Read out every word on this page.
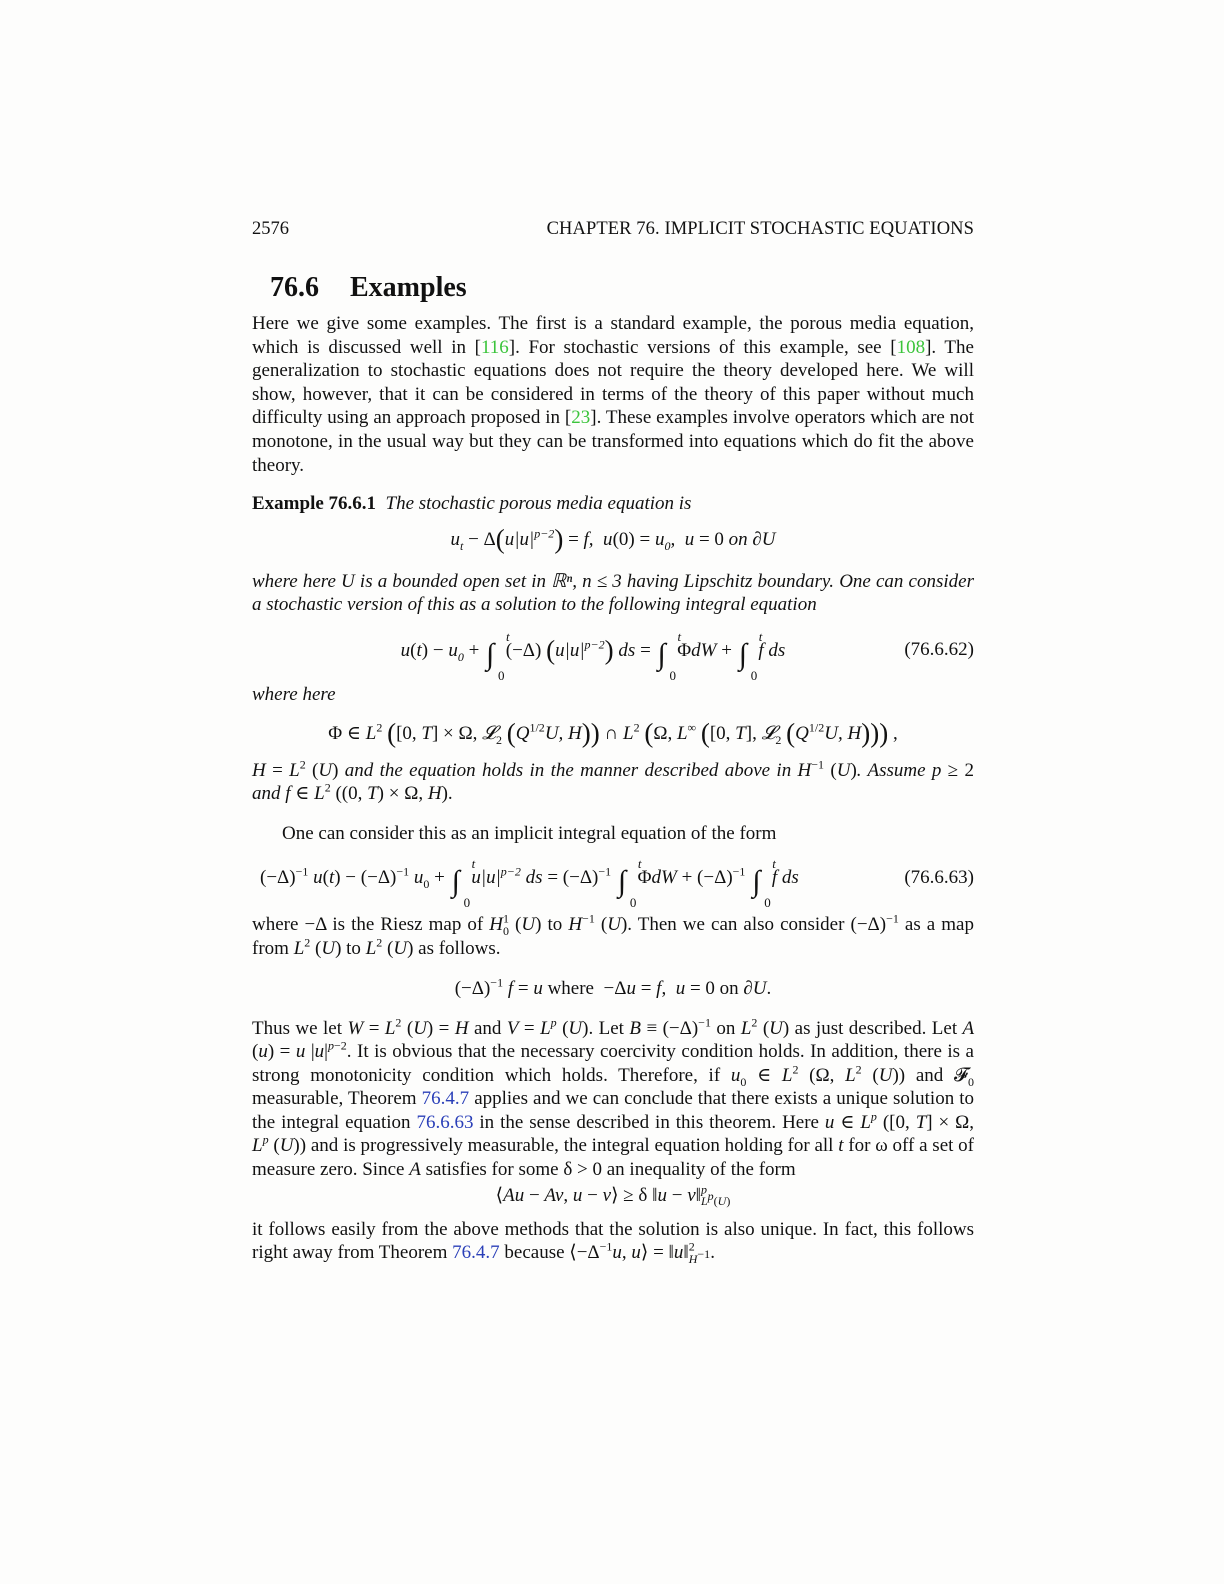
2576	CHAPTER 76. IMPLICIT STOCHASTIC EQUATIONS
76.6 Examples

Here we give some examples. The first is a standard example, the porous media equation, which is discussed well in [116]. For stochastic versions of this example, see [108]. The generalization to stochastic equations does not require the theory developed here. We will show, however, that it can be considered in terms of the theory of this paper without much difficulty using an approach proposed in [23]. These examples involve operators which are not monotone, in the usual way but they can be transformed into equations which do fit the above theory.

Example 76.6.1 The stochastic porous media equation is

$u_t - \Delta(u|u|^{p-2}) = f$,  $u(0) = u_0$,  u = 0 on ∂U

where here U is a bounded open set in ℝⁿ, n ≤ 3 having Lipschitz boundary. One can consider a stochastic version of this as a solution to the following integral equation

$u(t) - u_0$ + ∫
0
t
(−Δ) $(u|u|^{p-2})$ ds = ∫
0
t
ΦdW + ∫
0
t
f ds	(76.6.62)

where here

Φ ∈ $L^2$ ([0, T] × Ω, 𝓛$_2$ ($Q^{1/2}U$, H)) ∩ $L^2$ (Ω, L∞ ([0, T], 𝓛$_2$ ($Q^{1/2}U$, H))) ,

$H = L^2$ (U) and the equation holds in the manner described above in $H^{-1}$ (U). Assume p ≥ 2 and f ∈ $L^2$ ((0, T) × Ω, H).

One can consider this as an implicit integral equation of the form

$(-\Delta)^{-1}$ $u(t) - (-\Delta)^{-1}$ $u_0$ + ∫
0
t
$u|u|^{p-2}$ ds = $(-\Delta)^{-1}$ ∫
0
t
$\Phi dW + (-\Delta)^{-1}$ ∫
0
t
f ds	(76.6.63)

where −Δ is the Riesz map of $H^1_0$ (U) to $H^{-1}$ (U). Then we can also consider $(-\Delta)^{-1}$ as a map from $L^2$ (U) to $L^2$ (U) as follows.

$(-\Delta)^{-1}$ f = u where  −Δu = f,  u = 0 on ∂U.

Thus we let $W = L^2$ (U) = H and $V = L^p$ (U). Let $B \equiv (-\Delta)^{-1}$ on $L^2$ (U) as just described. Let A (u) = u $|u|^{p-2}$. It is obvious that the necessary coercivity condition holds. In addition, there is a strong monotonicity condition which holds. Therefore, if $u_0$ ∈ $L^2$ (Ω, $L^2$ (U)) and 𝓕$_0$ measurable, Theorem 76.4.7 applies and we can conclude that there exists a unique solution to the integral equation 76.6.63 in the sense described in this theorem. Here u ∈ $L^p$ ([0, T] × Ω, $L^p$ (U)) and is progressively measurable, the integral equation holding for all t for ω off a set of measure zero. Since A satisfies for some δ > 0 an inequality of the form

⟨Au − Av, u − v⟩ ≥ δ ‖u − v‖$^p_{L^p(U)}$

it follows easily from the above methods that the solution is also unique. In fact, this follows right away from Theorem 76.4.7 because $⟨-\Delta^{-1}u$, u⟩ = ‖u‖$^2_{H^{-1}}$.
